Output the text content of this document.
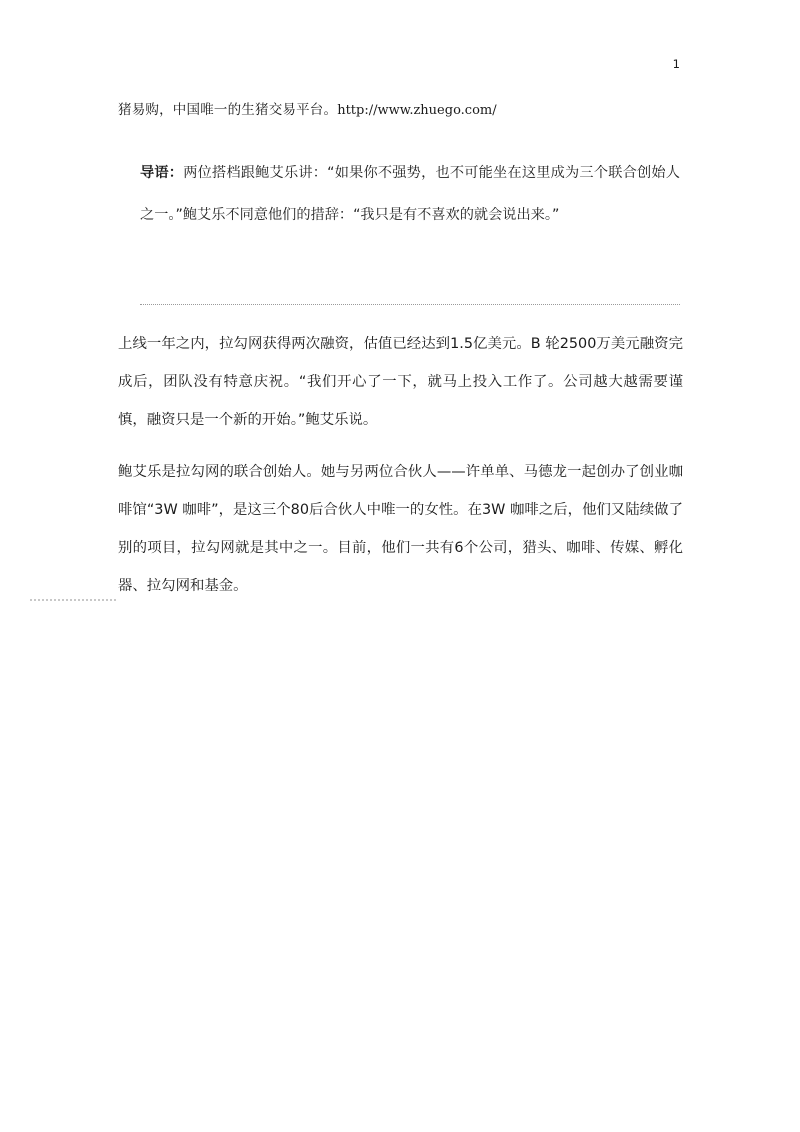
1
猪易购，中国唯一的生猪交易平台。http://www.zhuego.com/
导语：两位搭档跟鲍艾乐讲：“如果你不强势，也不可能坐在这里成为三个联合创始人之一。”鲍艾乐不同意他们的措辞：“我只是有不喜欢的就会说出来。”
上线一年之内，拉勾网获得两次融资，估值已经达到1.5亿美元。B 轮2500万美元融资完成后，团队没有特意庆祝。“我们开心了一下，就马上投入工作了。公司越大越需要谨慎，融资只是一个新的开始。”鲍艾乐说。
鲍艾乐是拉勾网的联合创始人。她与另两位合伙人——许单单、马德龙一起创办了创业咖啡馆“3W 咖啡”，是这三个80后合伙人中唯一的女性。在3W 咖啡之后，他们又陆续做了别的项目，拉勾网就是其中之一。目前，他们一共有6个公司，猎头、咖啡、传媒、孵化器、拉勾网和基金。
